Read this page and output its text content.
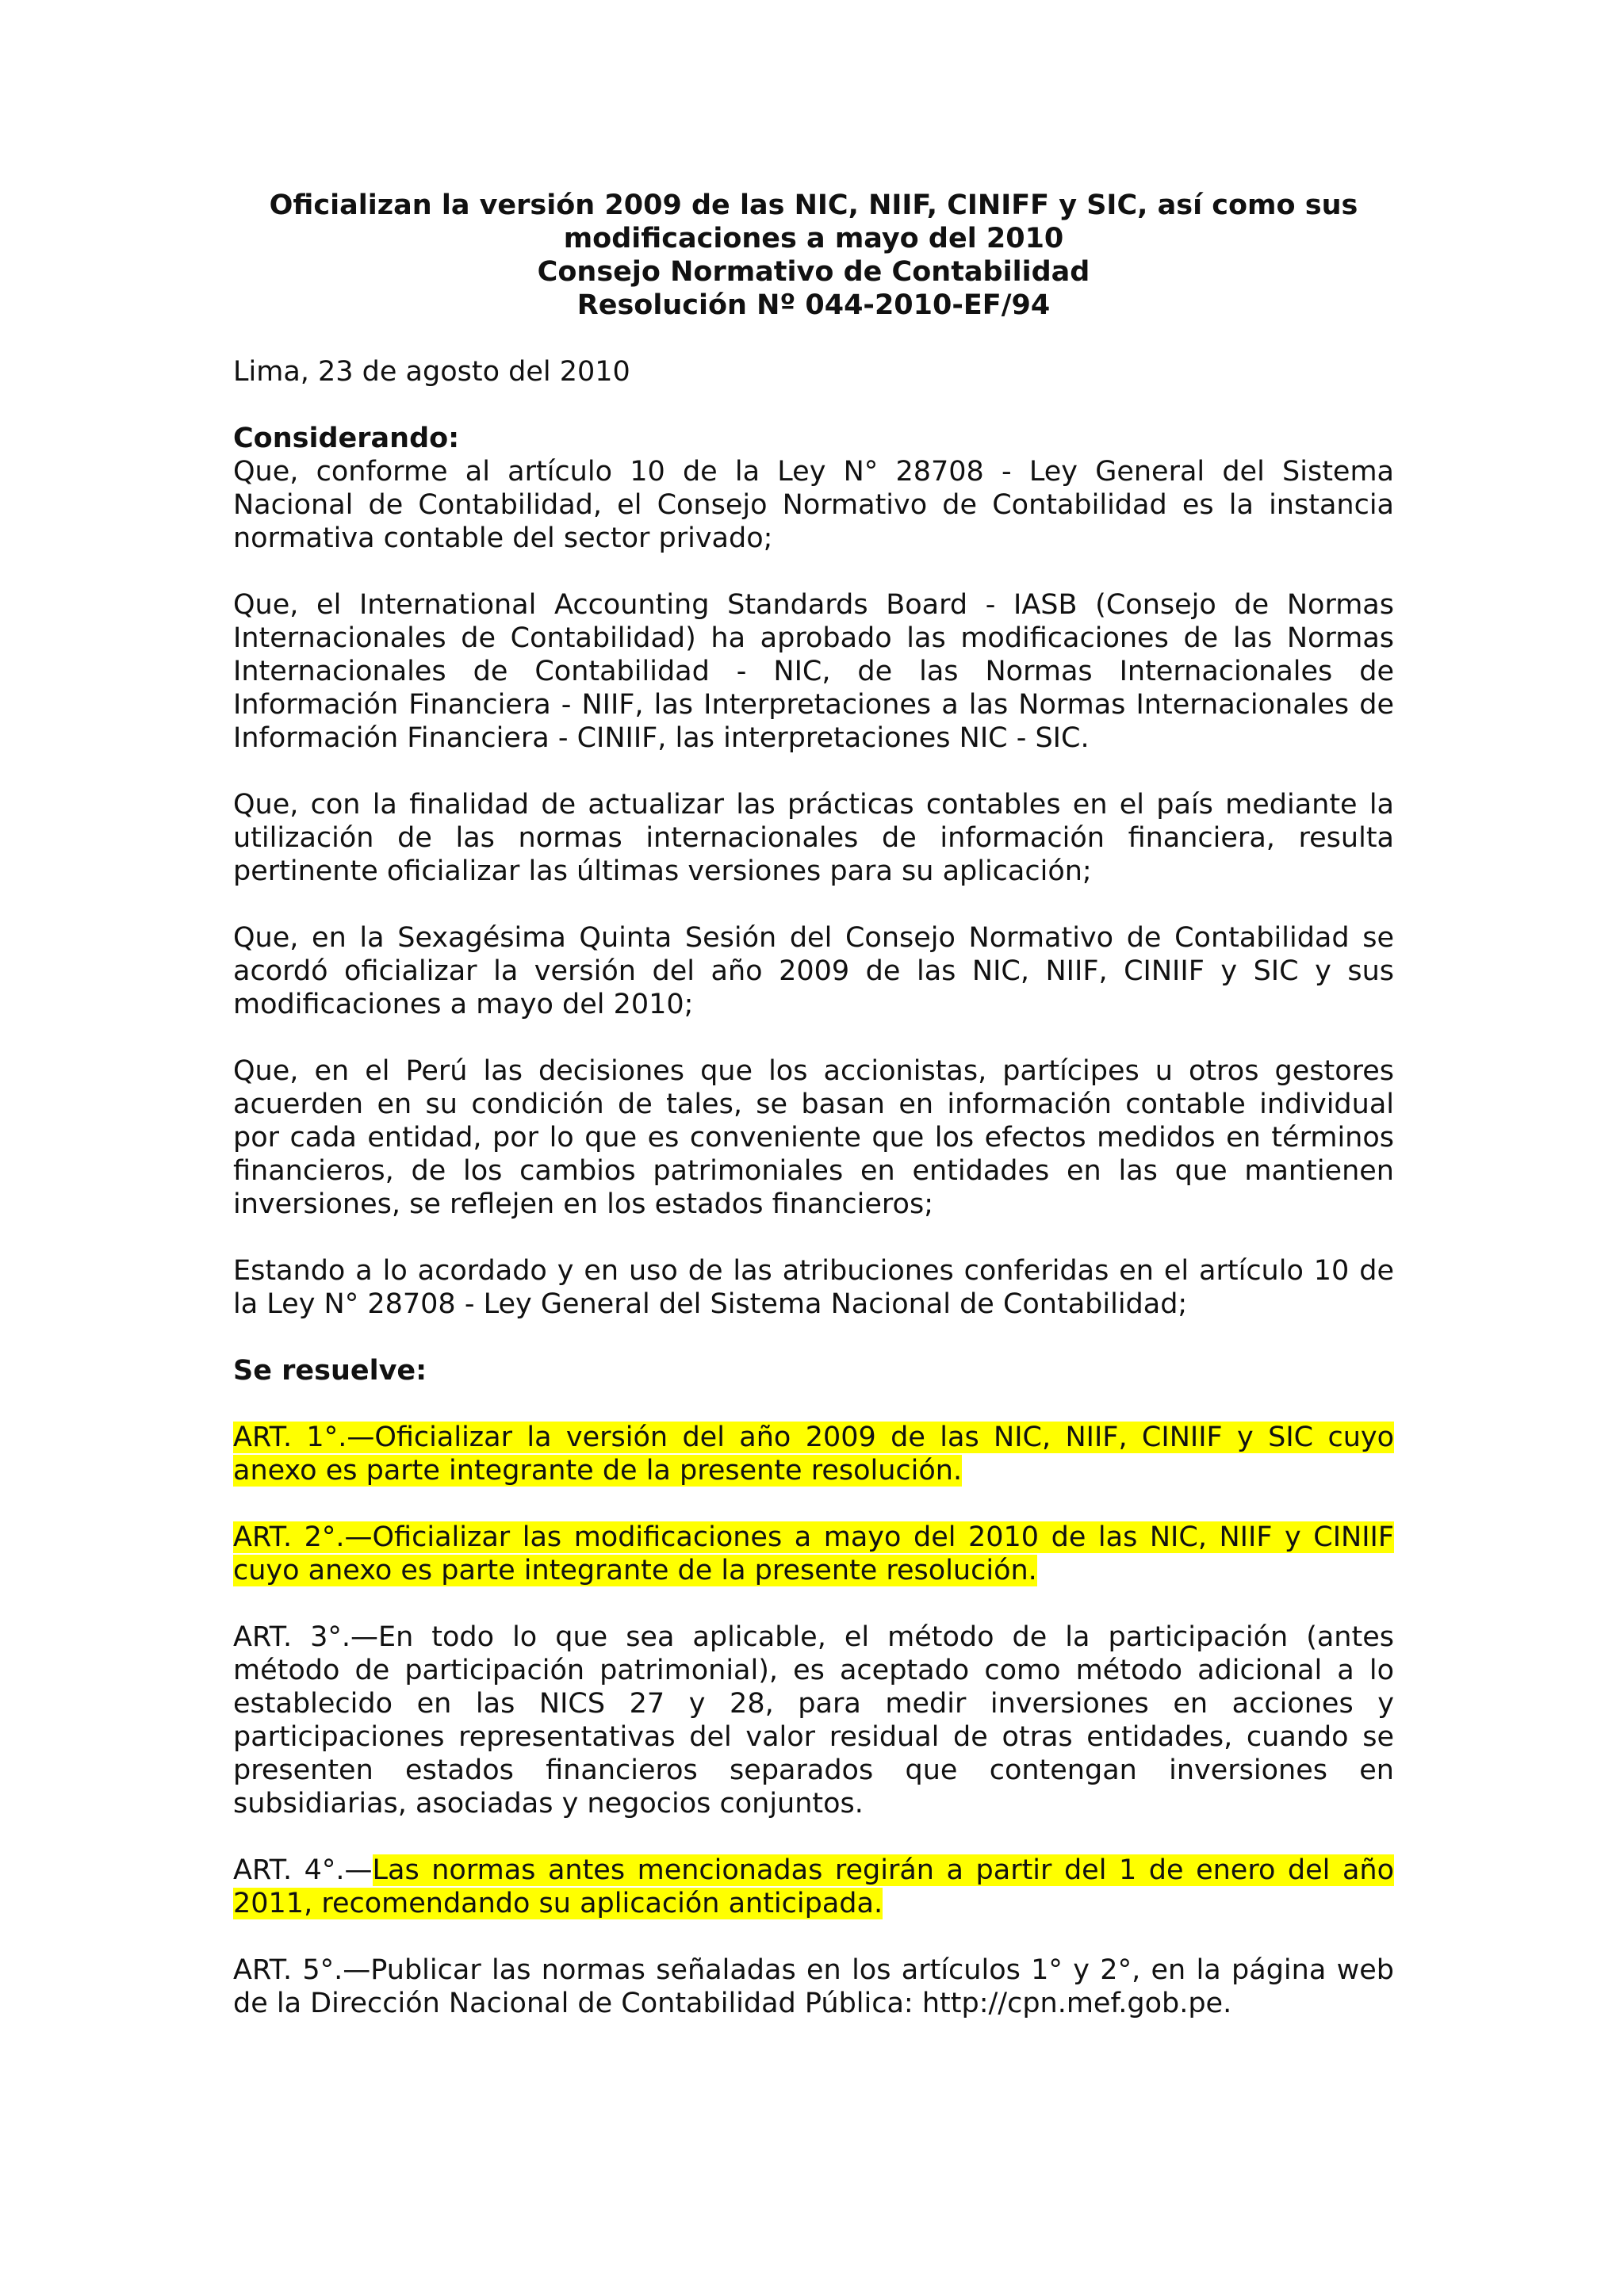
Oficializan la versión 2009 de las NIC, NIIF, CINIFF y SIC, así como sus
modificaciones a mayo del 2010
Consejo Normativo de Contabilidad
Resolución Nº 044-2010-EF/94

Lima, 23 de agosto del 2010

Considerando:

Que, conforme al artículo 10 de la Ley N° 28708 - Ley General del Sistema Nacional de Contabilidad, el Consejo Normativo de Contabilidad es la instancia normativa contable del sector privado;

Que, el International Accounting Standards Board - IASB (Consejo de Normas Internacionales de Contabilidad) ha aprobado las modificaciones de las Normas Internacionales de Contabilidad - NIC, de las Normas Internacionales de Información Financiera - NIIF, las Interpretaciones a las Normas Internacionales de Información Financiera - CINIIF, las interpretaciones NIC - SIC.

Que, con la finalidad de actualizar las prácticas contables en el país mediante la utilización de las normas internacionales de información financiera, resulta pertinente oficializar las últimas versiones para su aplicación;

Que, en la Sexagésima Quinta Sesión del Consejo Normativo de Contabilidad se acordó oficializar la versión del año 2009 de las NIC, NIIF, CINIIF y SIC y sus modificaciones a mayo del 2010;

Que, en el Perú las decisiones que los accionistas, partícipes u otros gestores acuerden en su condición de tales, se basan en información contable individual por cada entidad, por lo que es conveniente que los efectos medidos en términos financieros, de los cambios patrimoniales en entidades en las que mantienen inversiones, se reflejen en los estados financieros;

Estando a lo acordado y en uso de las atribuciones conferidas en el artículo 10 de la Ley N° 28708 - Ley General del Sistema Nacional de Contabilidad;

Se resuelve:

ART. 1°.—Oficializar la versión del año 2009 de las NIC, NIIF, CINIIF y SIC cuyo anexo es parte integrante de la presente resolución.

ART. 2°.—Oficializar las modificaciones a mayo del 2010 de las NIC, NIIF y CINIIF cuyo anexo es parte integrante de la presente resolución.

ART. 3°.—En todo lo que sea aplicable, el método de la participación (antes método de participación patrimonial), es aceptado como método adicional a lo establecido en las NICS 27 y 28, para medir inversiones en acciones y participaciones representativas del valor residual de otras entidades, cuando se presenten estados financieros separados que contengan inversiones en subsidiarias, asociadas y negocios conjuntos.

ART. 4°.—Las normas antes mencionadas regirán a partir del 1 de enero del año 2011, recomendando su aplicación anticipada.

ART. 5°.—Publicar las normas señaladas en los artículos 1° y 2°, en la página web de la Dirección Nacional de Contabilidad Pública: http://cpn.mef.gob.pe.
